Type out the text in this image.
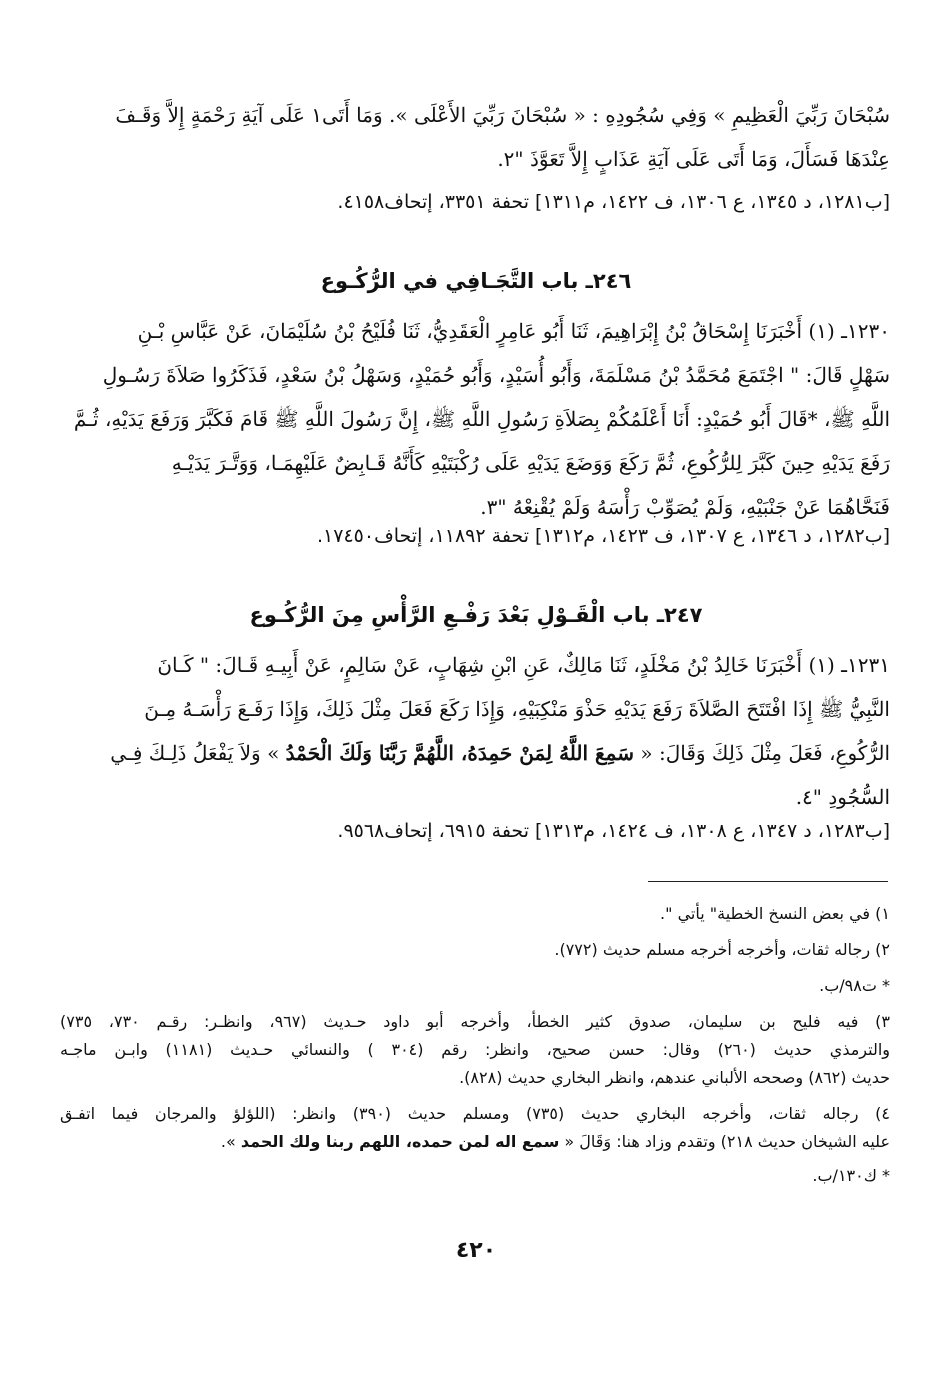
سُبْحَانَ رَبِّيَ الْعَظِيمِ » وَفِي سُجُودِهِ : « سُبْحَانَ رَبِّيَ الأَعْلَى ». وَمَا أَتَى١ عَلَى آيَةِ رَحْمَةٍ إِلاَّ وَقَـفَ
عِنْدَهَا فَسَأَلَ، وَمَا أَتَى عَلَى آيَةِ عَذَابٍ إِلاَّ تَعَوَّذَ "٢.
[ب١٢٨١، د ١٣٤٥، ع ١٣٠٦، ف ١٤٢٢، م١٣١١] تحفة ٣٣٥١، إتحاف٤١٥٨.
٢٤٦ـ باب التَّجَـافِي في الرُّكُـوع
١٢٣٠ـ (١) أَخْبَرَنَا إِسْحَاقُ بْنُ إِبْرَاهِيمَ، ثَنَا أَبُو عَامِرٍ الْعَقَدِيُّ، ثَنَا فُلَيْحُ بْنُ سُلَيْمَانَ، عَنْ عَبَّاسِ بْـنِ
سَهْلٍ قَالَ: " اجْتَمَعَ مُحَمَّدُ بْنُ مَسْلَمَةَ، وَأَبُو أُسَيْدٍ، وَأَبُو حُمَيْدٍ، وَسَهْلُ بْنُ سَعْدٍ، فَذَكَرُوا صَلاَةَ رَسُـولِ
اللَّهِ ﷺ، *قَالَ أَبُو حُمَيْدٍ: أَنَا أَعْلَمُكُمْ بِصَلاَةِ رَسُولِ اللَّهِ ﷺ، إِنَّ رَسُولَ اللَّهِ ﷺ قَامَ فَكَبَّرَ وَرَفَعَ يَدَيْهِ، ثُـمَّ
رَفَعَ يَدَيْهِ حِينَ كَبَّرَ لِلرُّكُوعِ، ثُمَّ رَكَعَ وَوَضَعَ يَدَيْهِ عَلَى رُكْبَتَيْهِ كَأَنَّهُ قَـابِضٌ عَلَيْهِمَـا، وَوَتَّـرَ يَدَيْـهِ
فَنَحَّاهُمَا عَنْ جَنْبَيْهِ، وَلَمْ يُصَوِّبْ رَأْسَهُ وَلَمْ يُقْنِعْهُ "٣.
[ب١٢٨٢، د ١٣٤٦، ع ١٣٠٧، ف ١٤٢٣، م١٣١٢] تحفة ١١٨٩٢، إتحاف١٧٤٥٠.
٢٤٧ـ باب الْقَـوْلِ بَعْدَ رَفْـعِ الرَّأْسِ مِنَ الرُّكُـوع
١٢٣١ـ (١) أَخْبَرَنَا خَالِدُ بْنُ مَخْلَدٍ، ثَنَا مَالِكٌ، عَنِ ابْنِ شِهَابٍ، عَنْ سَالِمٍ، عَنْ أَبِيـهِ قَـالَ: " كَـانَ
النَّبِيُّ ﷺ إِذَا افْتَتَحَ الصَّلاَةَ رَفَعَ يَدَيْهِ حَذْوَ مَنْكِبَيْهِ، وَإِذَا رَكَعَ فَعَلَ مِثْلَ ذَلِكَ، وَإِذَا رَفَـعَ رَأْسَـهُ مِـنَ
الرُّكُوعِ، فَعَلَ مِثْلَ ذَلِكَ وَقَالَ: « سَمِعَ اللَّهُ لِمَنْ حَمِدَهُ، اللَّهُمَّ رَبَّنَا وَلَكَ الْحَمْدُ » وَلاَ يَفْعَلُ ذَلِـكَ فِـي
السُّجُودِ "٤.
[ب١٢٨٣، د ١٣٤٧، ع ١٣٠٨، ف ١٤٢٤، م١٣١٣] تحفة ٦٩١٥، إتحاف٩٥٦٨.
١) في بعض النسخ الخطية" يأتي ".
٢) رجاله ثقات، وأخرجه أخرجه مسلم حديث (٧٧٢).
* ت٩٨/ب.
٣) فيه فليح بن سليمان، صدوق كثير الخطأ، وأخرجه أبو داود حـديث (٩٦٧، وانظـر: رقـم ٧٣٠، ٧٣٥)
والترمذي حديث (٢٦٠) وقال: حسن صحيح، وانظر: رقم (٣٠٤ ) والنسائي حـديث (١١٨١) وابـن ماجـه
حديث (٨٦٢) وصححه الألباني عندهم، وانظر البخاري حديث (٨٢٨).
٤) رجاله ثقات، وأخرجه البخاري حديث (٧٣٥) ومسلم حديث (٣٩٠) وانظر: (اللؤلؤ والمرجان فيما اتفـق
عليه الشيخان حديث ٢١٨) وتقدم وزاد هنا: وَقَالَ « سمع اله لمن حمده، اللهم ربنا ولك الحمد ».
* ك١٣٠/ب.
٤٢٠
